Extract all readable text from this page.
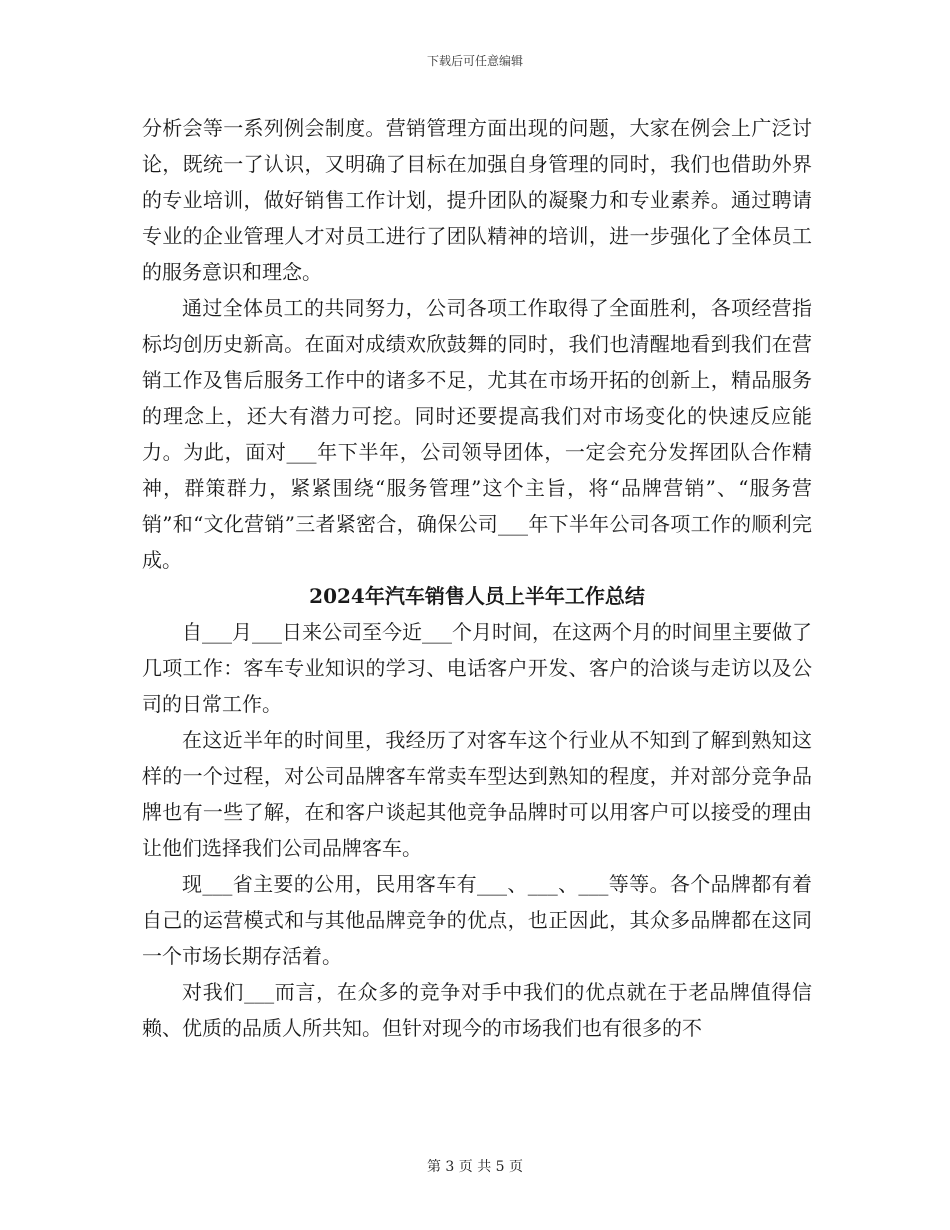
下载后可任意编辑

分析会等一系列例会制度。营销管理方面出现的问题，大家在例会上广泛讨论，既统一了认识，又明确了目标在加强自身管理的同时，我们也借助外界的专业培训，做好销售工作计划，提升团队的凝聚力和专业素养。通过聘请专业的企业管理人才对员工进行了团队精神的培训，进一步强化了全体员工的服务意识和理念。

通过全体员工的共同努力，公司各项工作取得了全面胜利，各项经营指标均创历史新高。在面对成绩欢欣鼓舞的同时，我们也清醒地看到我们在营销工作及售后服务工作中的诸多不足，尤其在市场开拓的创新上，精品服务的理念上，还大有潜力可挖。同时还要提高我们对市场变化的快速反应能力。为此，面对___年下半年，公司领导团体，一定会充分发挥团队合作精神，群策群力，紧紧围绕“服务管理”这个主旨，将“品牌营销”、“服务营销”和“文化营销”三者紧密合，确保公司___年下半年公司各项工作的顺利完成。

2024年汽车销售人员上半年工作总结

自___月___日来公司至今近___个月时间，在这两个月的时间里主要做了几项工作：客车专业知识的学习、电话客户开发、客户的洽谈与走访以及公司的日常工作。

在这近半年的时间里，我经历了对客车这个行业从不知到了解到熟知这样的一个过程，对公司品牌客车常卖车型达到熟知的程度，并对部分竞争品牌也有一些了解，在和客户谈起其他竞争品牌时可以用客户可以接受的理由让他们选择我们公司品牌客车。

现___省主要的公用，民用客车有___、___、___等等。各个品牌都有着自己的运营模式和与其他品牌竞争的优点，也正因此，其众多品牌都在这同一个市场长期存活着。

对我们___而言，在众多的竞争对手中我们的优点就在于老品牌值得信赖、优质的品质人所共知。但针对现今的市场我们也有很多的不

第 3 页 共 5 页
